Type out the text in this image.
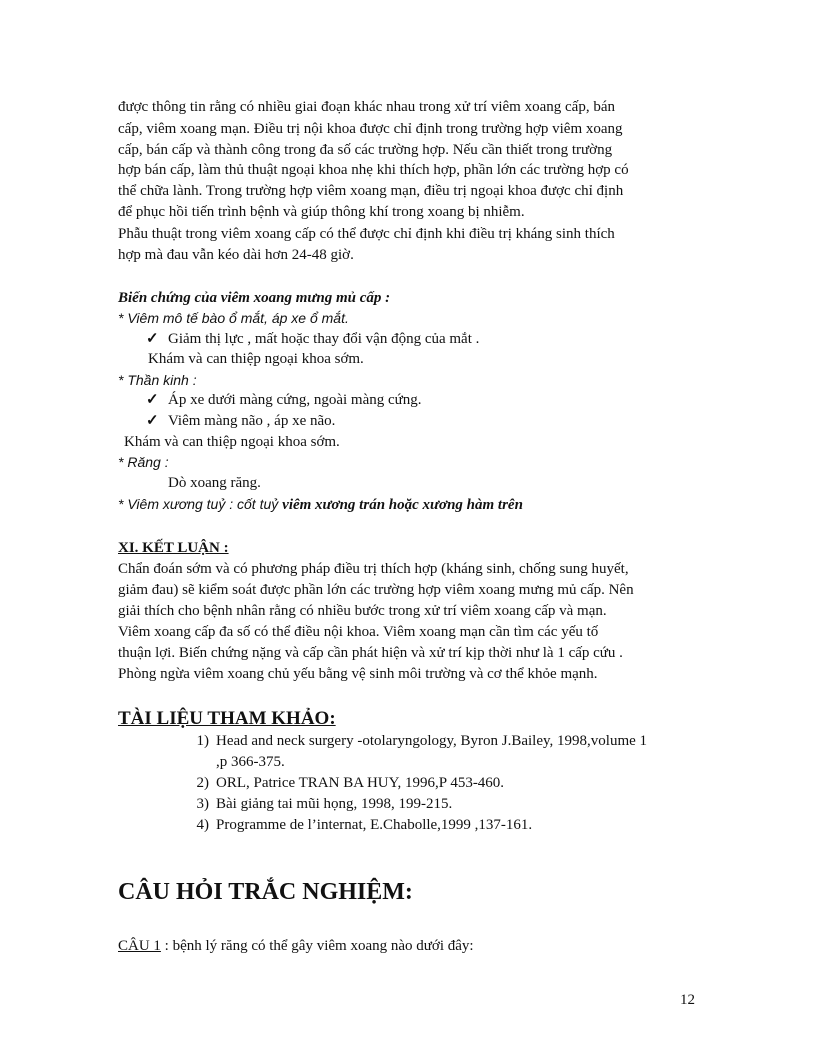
được thông tin rằng có nhiều giai đoạn khác nhau trong xử trí viêm xoang cấp, bán
cấp, viêm xoang mạn. Điều trị nội khoa được chỉ định trong trường hợp viêm xoang
cấp, bán cấp và thành công trong đa số các trường hợp. Nếu cần thiết trong trường
hợp bán cấp, làm thủ thuật ngoại khoa nhẹ khi thích hợp, phần lớn các trường hợp có
thể chữa lành. Trong trường hợp viêm xoang mạn, điều trị ngoại khoa được chỉ định
để phục hồi tiến trình bệnh và giúp thông khí trong xoang bị nhiễm.
Phẫu thuật trong viêm xoang cấp có thể được chỉ định khi điều trị kháng sinh thích
hợp mà đau vẫn kéo dài hơn 24-48 giờ.
Biến chứng của viêm xoang mưng mủ cấp :
* Viêm mô tế bào ổ mắt, áp xe ổ mắt.
✓ Giảm thị lực , mất hoặc thay đổi vận động của mắt .
Khám và can thiệp ngoại khoa sớm.
* Thần kinh :
✓ Áp xe dưới màng cứng, ngoài màng cứng.
✓ Viêm màng não , áp xe não.
Khám và can thiệp ngoại khoa sớm.
* Răng :
Dò xoang răng.
* Viêm xương tuỷ : cốt tuỷ viêm xương trán hoặc xương hàm trên
XI. KẾT LUẬN :
Chẩn đoán sớm và có phương pháp điều trị thích hợp (kháng sinh, chống sung huyết,
giảm đau) sẽ kiểm soát được phần lớn các trường hợp viêm xoang mưng mủ cấp. Nên
giải thích cho bệnh nhân rằng có nhiều bước trong xử trí viêm xoang cấp và mạn.
Viêm xoang cấp đa số có thể điều nội khoa. Viêm xoang mạn cần tìm các yếu tố
thuận lợi. Biến chứng nặng và cấp cần phát hiện và xử trí kịp thời như là 1 cấp cứu .
Phòng ngừa viêm xoang chủ yếu bằng vệ sinh môi trường và cơ thể khỏe mạnh.
TÀI LIỆU THAM KHẢO:
1) Head and neck surgery -otolaryngology, Byron J.Bailey, 1998,volume 1
,p 366-375.
2) ORL, Patrice TRAN BA HUY, 1996,P 453-460.
3) Bài giảng tai mũi họng, 1998, 199-215.
4) Programme de l’internat, E.Chabolle,1999 ,137-161.
CÂU HỎI TRẮC NGHIỆM:
CÂU 1 : bệnh lý răng có thể gây viêm xoang nào dưới đây:
12
